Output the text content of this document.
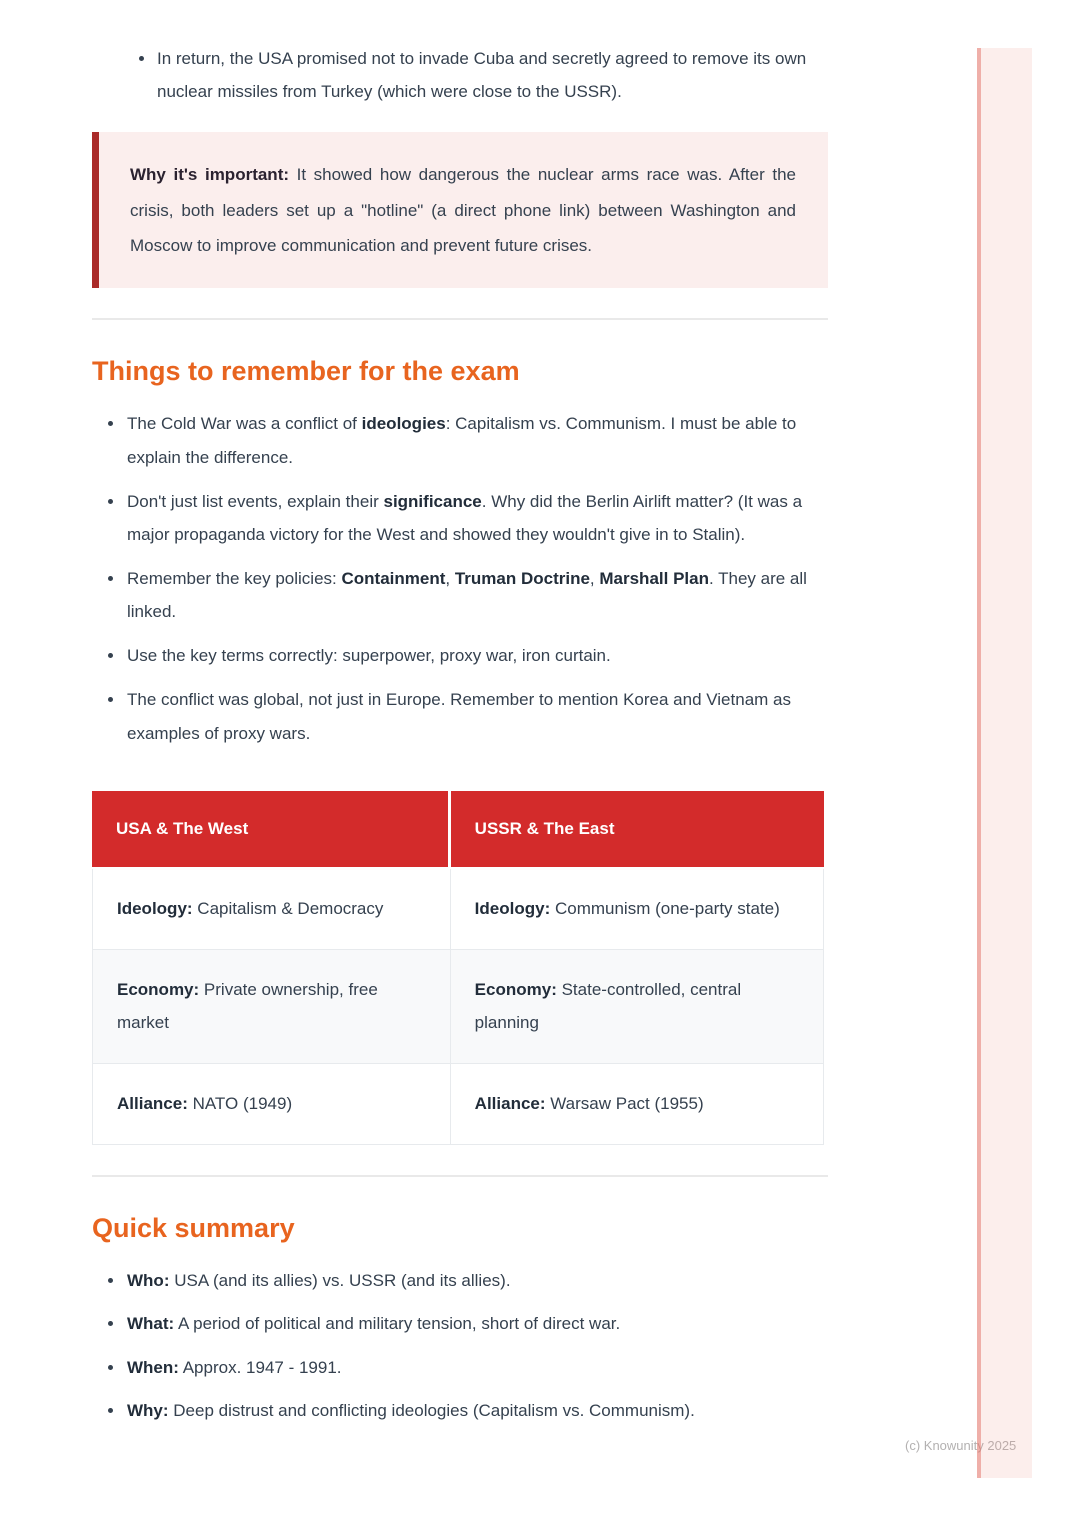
In return, the USA promised not to invade Cuba and secretly agreed to remove its own nuclear missiles from Turkey (which were close to the USSR).

Why it's important: It showed how dangerous the nuclear arms race was. After the crisis, both leaders set up a "hotline" (a direct phone link) between Washington and Moscow to improve communication and prevent future crises.

Things to remember for the exam
The Cold War was a conflict of ideologies: Capitalism vs. Communism. I must be able to explain the difference.
Don't just list events, explain their significance. Why did the Berlin Airlift matter? (It was a major propaganda victory for the West and showed they wouldn't give in to Stalin).
Remember the key policies: Containment, Truman Doctrine, Marshall Plan. They are all linked.
Use the key terms correctly: superpower, proxy war, iron curtain.
The conflict was global, not just in Europe. Remember to mention Korea and Vietnam as examples of proxy wars.
USA & The West	USSR & The East
Ideology: Capitalism & Democracy	Ideology: Communism (one-party state)
Economy: Private ownership, free market	Economy: State-controlled, central planning
Alliance: NATO (1949)	Alliance: Warsaw Pact (1955)
Quick summary
Who: USA (and its allies) vs. USSR (and its allies).
What: A period of political and military tension, short of direct war.
When: Approx. 1947 - 1991.
Why: Deep distrust and conflicting ideologies (Capitalism vs. Communism).
(c) Knowunity 2025
